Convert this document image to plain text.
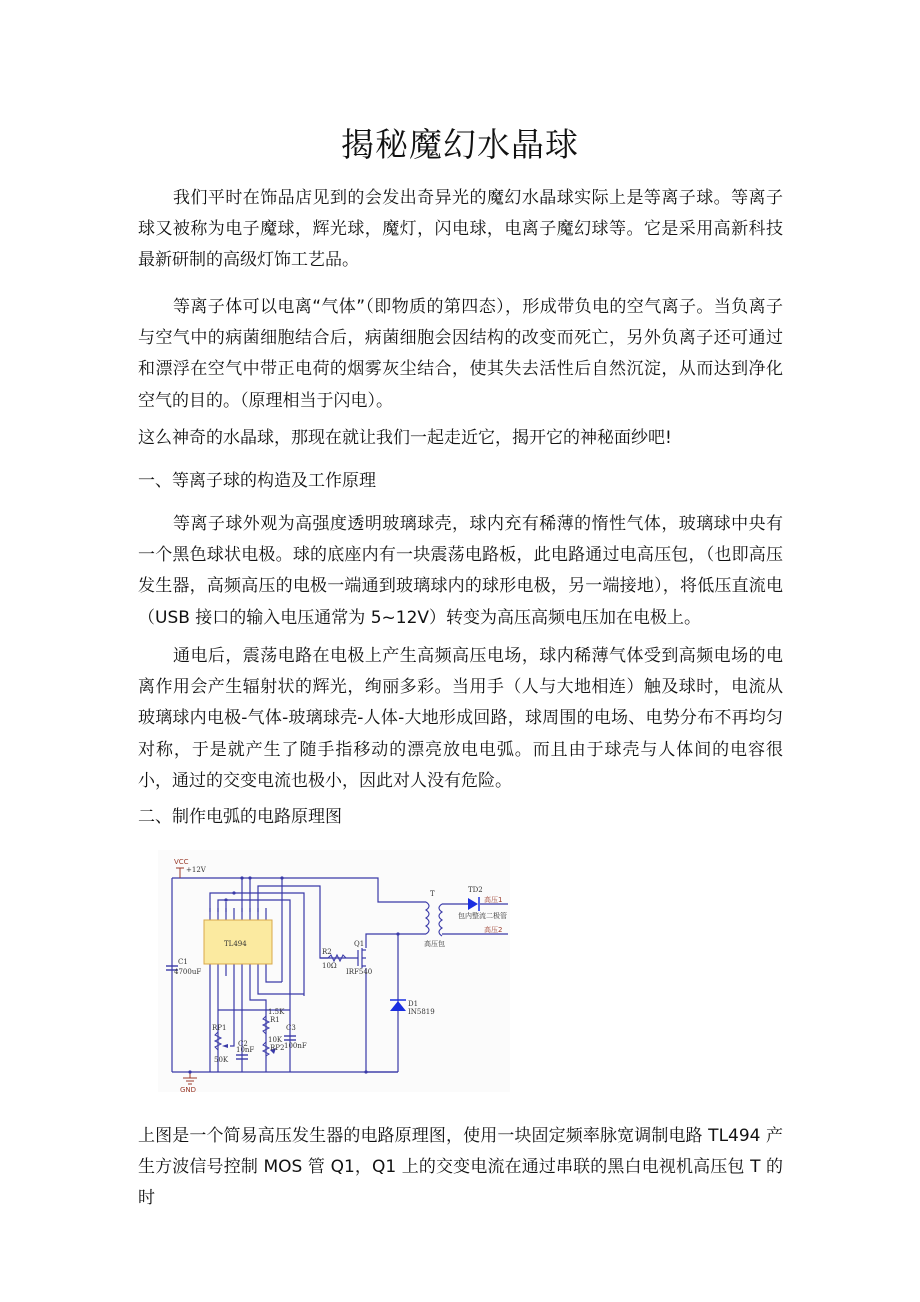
揭秘魔幻水晶球

我们平时在饰品店见到的会发出奇异光的魔幻水晶球实际上是等离子球。等离子球又被称为电子魔球，辉光球，魔灯，闪电球，电离子魔幻球等。它是采用高新科技最新研制的高级灯饰工艺品。

等离子体可以电离“气体”（即物质的第四态），形成带负电的空气离子。当负离子与空气中的病菌细胞结合后，病菌细胞会因结构的改变而死亡，另外负离子还可通过和漂浮在空气中带正电荷的烟雾灰尘结合，使其失去活性后自然沉淀，从而达到净化空气的目的。（原理相当于闪电）。

这么神奇的水晶球，那现在就让我们一起走近它，揭开它的神秘面纱吧!

一、等离子球的构造及工作原理

等离子球外观为高强度透明玻璃球壳，球内充有稀薄的惰性气体，玻璃球中央有一个黑色球状电极。球的底座内有一块震荡电路板，此电路通过电高压包，（也即高压发生器，高频高压的电极一端通到玻璃球内的球形电极，另一端接地），将低压直流电（USB 接口的输入电压通常为 5~12V）转变为高压高频电压加在电极上。

通电后，震荡电路在电极上产生高频高压电场，球内稀薄气体受到高频电场的电离作用会产生辐射状的辉光，绚丽多彩。当用手（人与大地相连）触及球时，电流从玻璃球内电极-气体-玻璃球壳-人体-大地形成回路，球周围的电场、电势分布不再均匀对称，于是就产生了随手指移动的漂亮放电电弧。而且由于球壳与人体间的电容很小，通过的交变电流也极小，因此对人没有危险。

二、制作电弧的电路原理图

TL494
VCC
+12V
C1
4700uF
R2
10Ω
Q1
IRF540
T
高压包
TD2
包内整流二极管
高压1
高压2
D1
IN5819
RP1
50K
C2
10nF
1.5K
R1
10K
RP2
C3
100nF
GND

上图是一个简易高压发生器的电路原理图，使用一块固定频率脉宽调制电路 TL494 产生方波信号控制 MOS 管 Q1，Q1 上的交变电流在通过串联的黑白电视机高压包 T 的时
